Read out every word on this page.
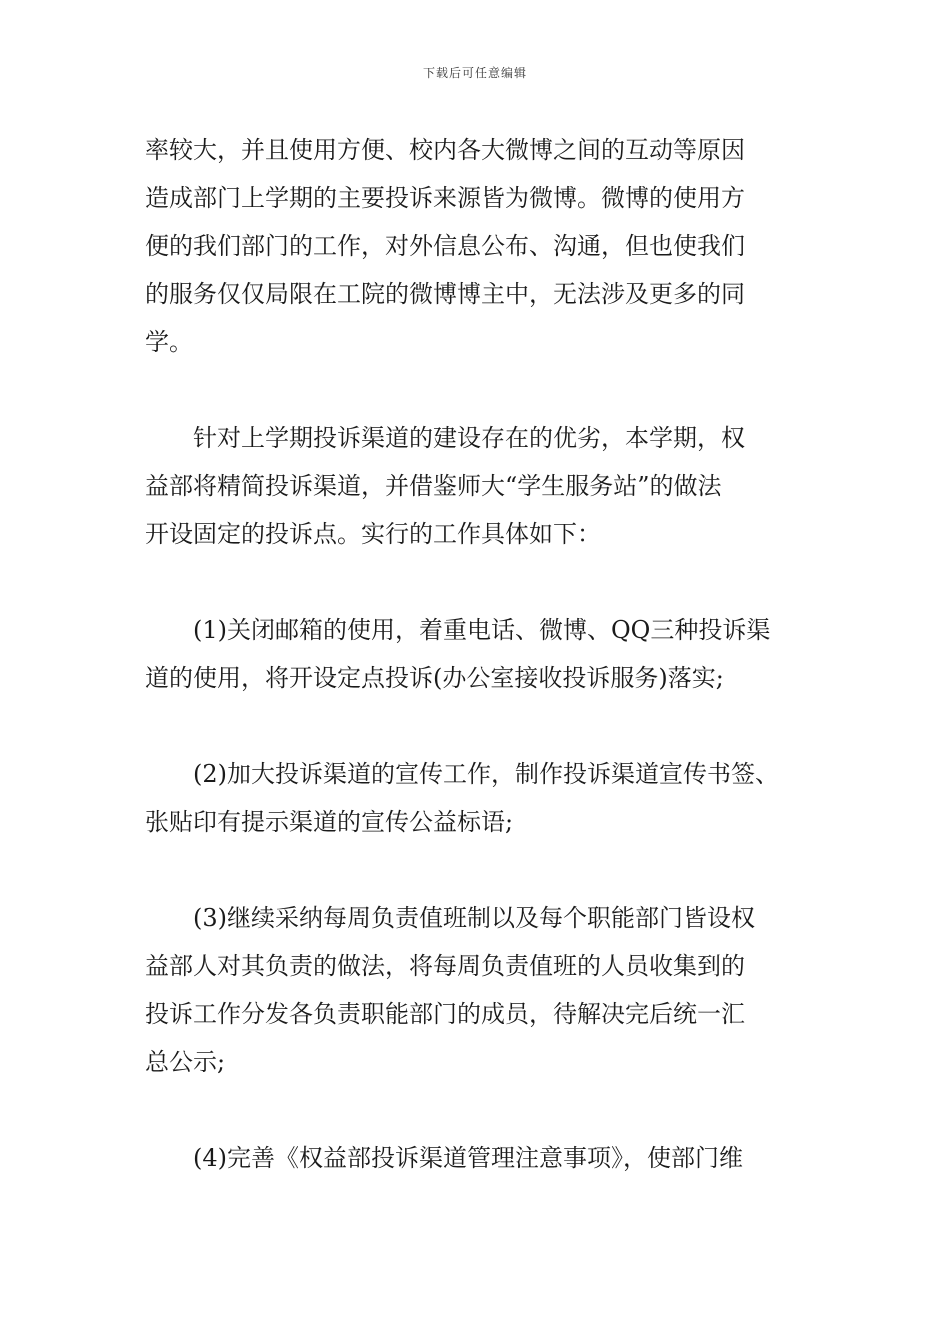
下载后可任意编辑
率较大，并且使用方便、校内各大微博之间的互动等原因
造成部门上学期的主要投诉来源皆为微博。微博的使用方
便的我们部门的工作，对外信息公布、沟通，但也使我们
的服务仅仅局限在工院的微博博主中，无法涉及更多的同
学。
针对上学期投诉渠道的建设存在的优劣，本学期，权
益部将精简投诉渠道，并借鉴师大“学生服务站”的做法
开设固定的投诉点。实行的工作具体如下：
(1)关闭邮箱的使用，着重电话、微博、QQ三种投诉渠
道的使用，将开设定点投诉(办公室接收投诉服务)落实;
(2)加大投诉渠道的宣传工作，制作投诉渠道宣传书签、
张贴印有提示渠道的宣传公益标语;
(3)继续采纳每周负责值班制以及每个职能部门皆设权
益部人对其负责的做法，将每周负责值班的人员收集到的
投诉工作分发各负责职能部门的成员，待解决完后统一汇
总公示;
(4)完善《权益部投诉渠道管理注意事项》，使部门维
